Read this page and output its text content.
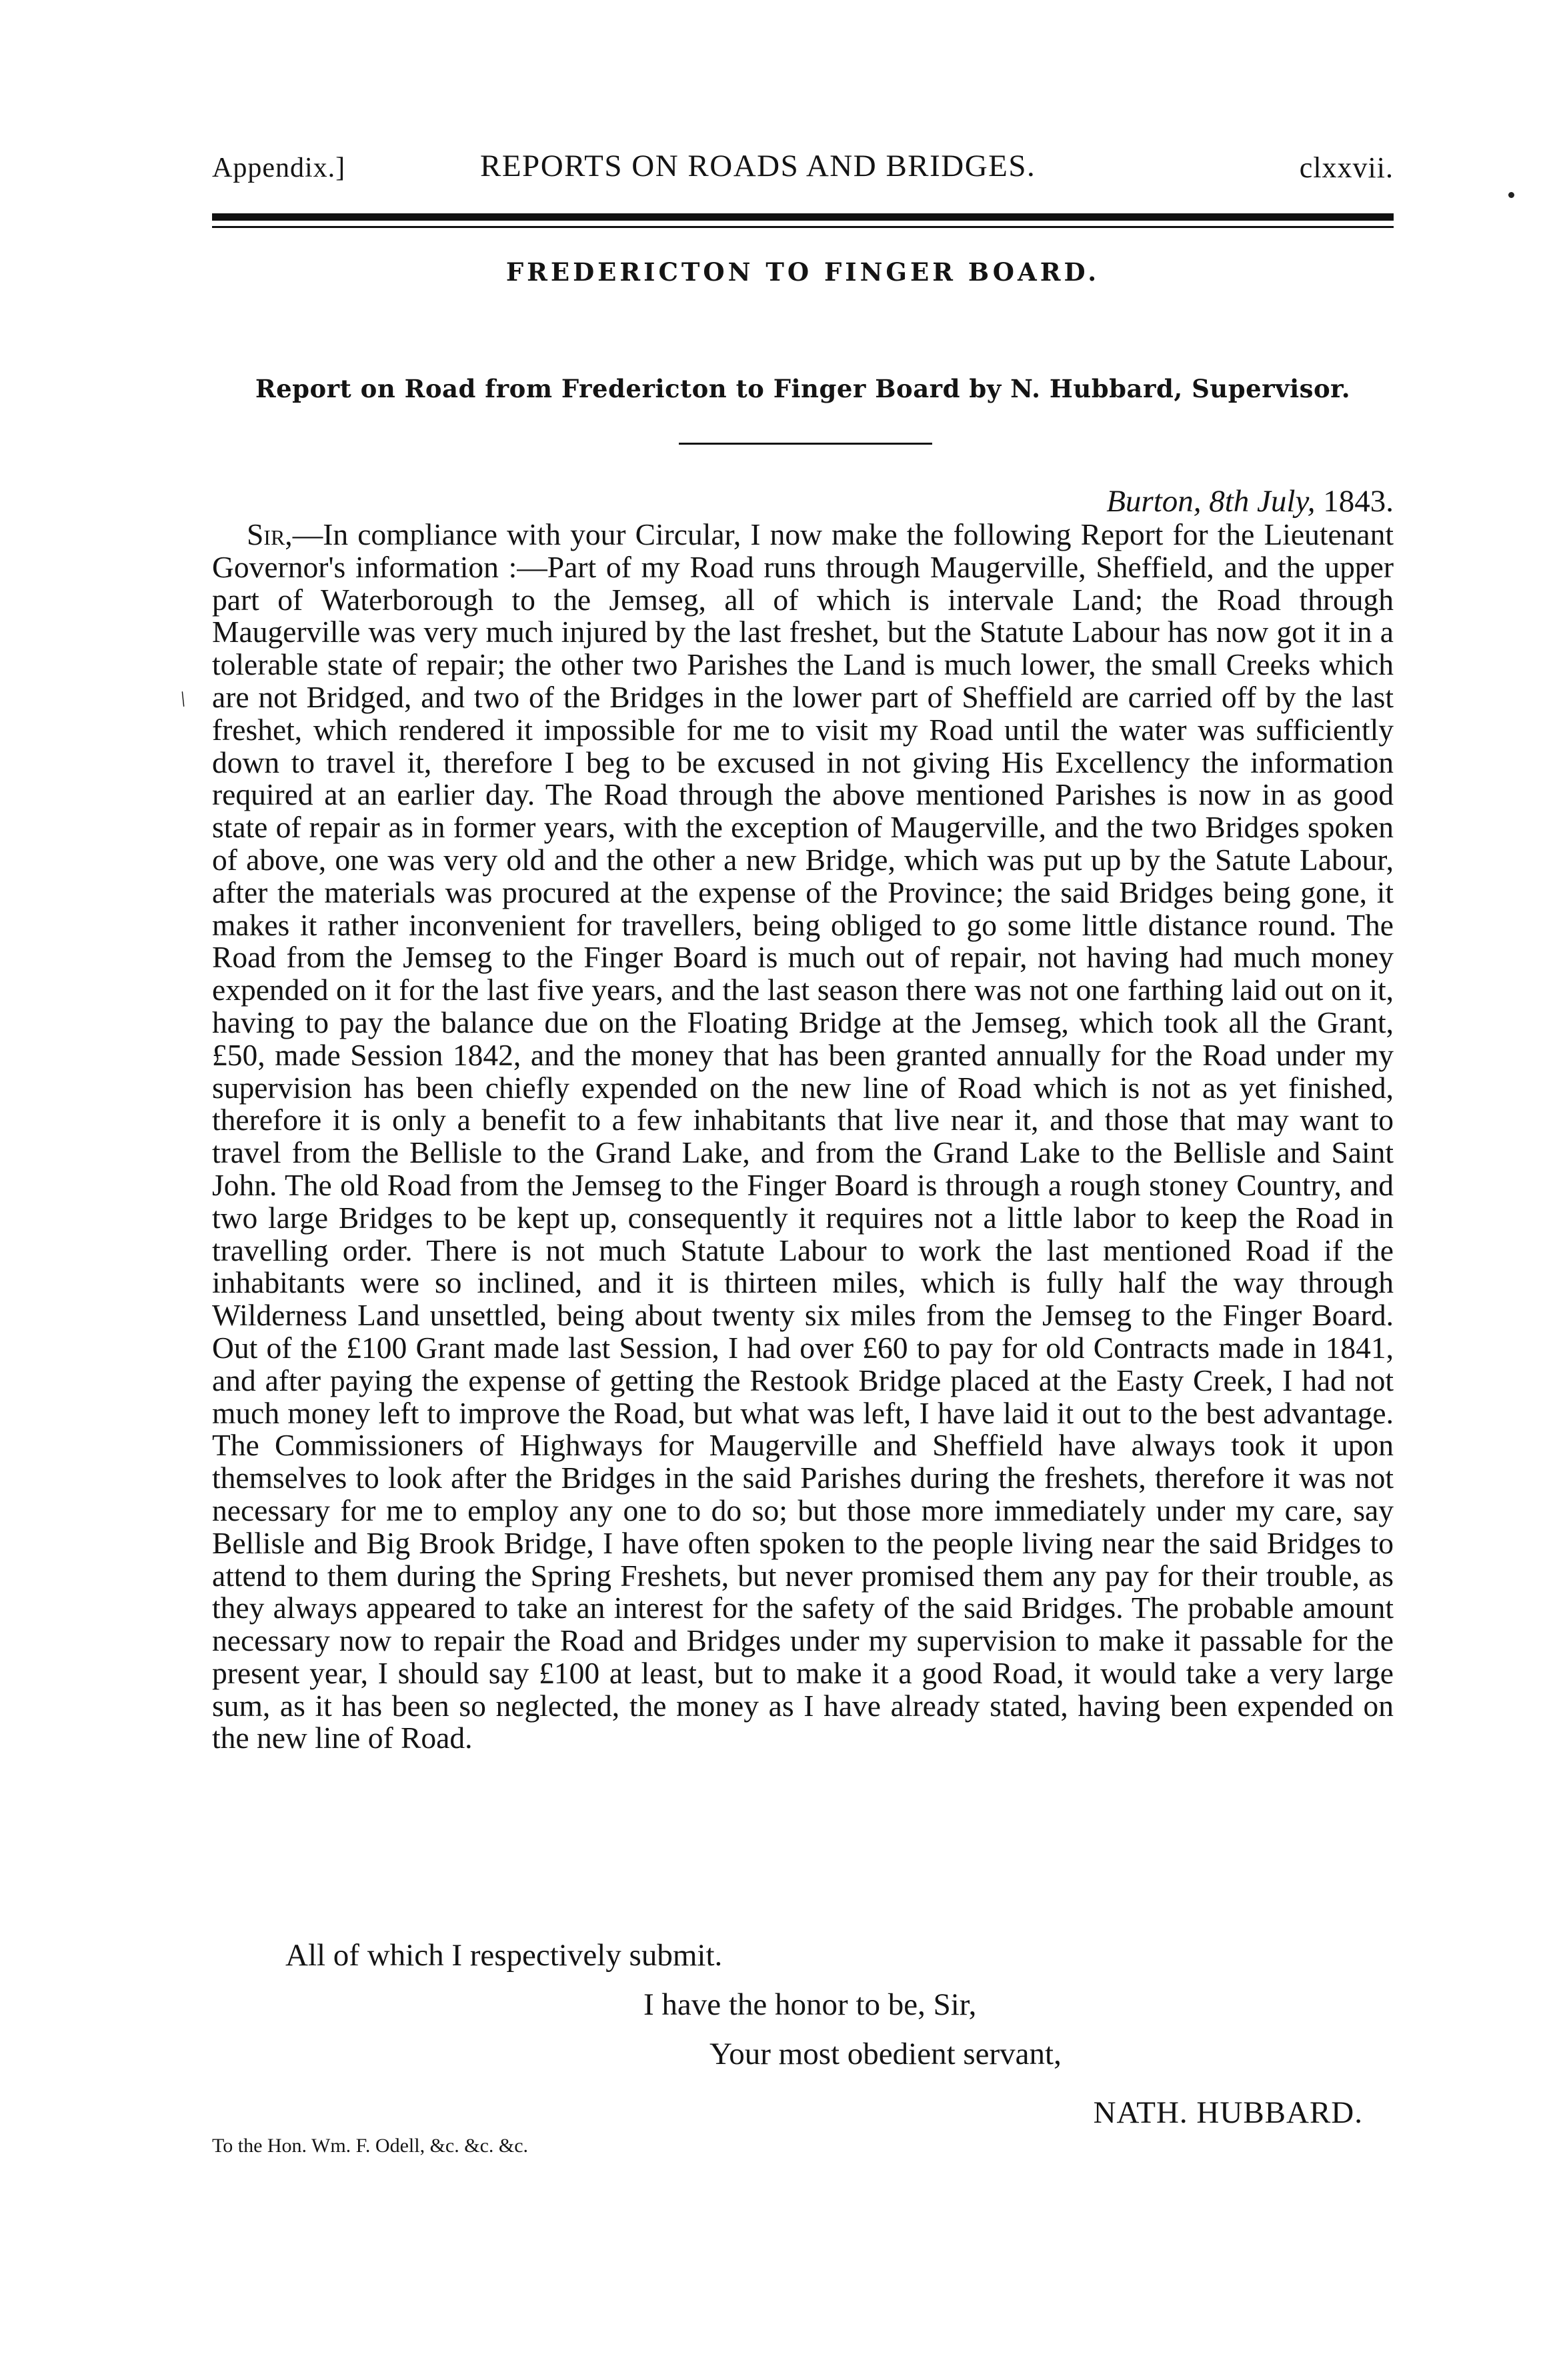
Appendix.]	REPORTS ON ROADS AND BRIDGES.	clxxvii.
FREDERICTON TO FINGER BOARD.
Report on Road from Fredericton to Finger Board by N. Hubbard, Supervisor.
Burton, 8th July, 1843.
/

Sir,—In compliance with your Circular, I now make the following Report for the Lieutenant Governor's information :—Part of my Road runs through Maugerville, Sheffield, and the upper part of Waterborough to the Jemseg, all of which is intervale Land; the Road through Maugerville was very much injured by the last freshet, but the Statute Labour has now got it in a tolerable state of repair; the other two Parishes the Land is much lower, the small Creeks which are not Bridged, and two of the Bridges in the lower part of Sheffield are carried off by the last freshet, which rendered it impossible for me to visit my Road until the water was sufficiently down to travel it, therefore I beg to be excused in not giving His Excellency the information required at an earlier day. The Road through the above mentioned Parishes is now in as good state of repair as in former years, with the exception of Maugerville, and the two Bridges spoken of above, one was very old and the other a new Bridge, which was put up by the Satute Labour, after the materials was procured at the expense of the Province; the said Bridges being gone, it makes it rather inconvenient for travellers, being obliged to go some little distance round. The Road from the Jemseg to the Finger Board is much out of repair, not having had much money expended on it for the last five years, and the last season there was not one farthing laid out on it, having to pay the balance due on the Floating Bridge at the Jemseg, which took all the Grant, £50, made Session 1842, and the money that has been granted annually for the Road under my supervision has been chiefly expended on the new line of Road which is not as yet finished, therefore it is only a benefit to a few inhabitants that live near it, and those that may want to travel from the Bellisle to the Grand Lake, and from the Grand Lake to the Bellisle and Saint John. The old Road from the Jemseg to the Finger Board is through a rough stoney Country, and two large Bridges to be kept up, consequently it requires not a little labor to keep the Road in travelling order. There is not much Statute Labour to work the last mentioned Road if the inhabitants were so inclined, and it is thirteen miles, which is fully half the way through Wilderness Land unsettled, being about twenty six miles from the Jemseg to the Finger Board. Out of the £100 Grant made last Session, I had over £60 to pay for old Contracts made in 1841, and after paying the expense of getting the Restook Bridge placed at the Easty Creek, I had not much money left to improve the Road, but what was left, I have laid it out to the best advantage. The Commissioners of Highways for Maugerville and Sheffield have always took it upon themselves to look after the Bridges in the said Parishes during the freshets, therefore it was not necessary for me to employ any one to do so; but those more immediately under my care, say Bellisle and Big Brook Bridge, I have often spoken to the people living near the said Bridges to attend to them during the Spring Freshets, but never promised them any pay for their trouble, as they always appeared to take an interest for the safety of the said Bridges. The probable amount necessary now to repair the Road and Bridges under my supervision to make it passable for the present year, I should say £100 at least, but to make it a good Road, it would take a very large sum, as it has been so neglected, the money as I have already stated, having been expended on the new line of Road.

All of which I respectively submit.
I have the honor to be, Sir,
Your most obedient servant,
NATH. HUBBARD.
To the Hon. Wm. F. Odell, &c. &c. &c.
